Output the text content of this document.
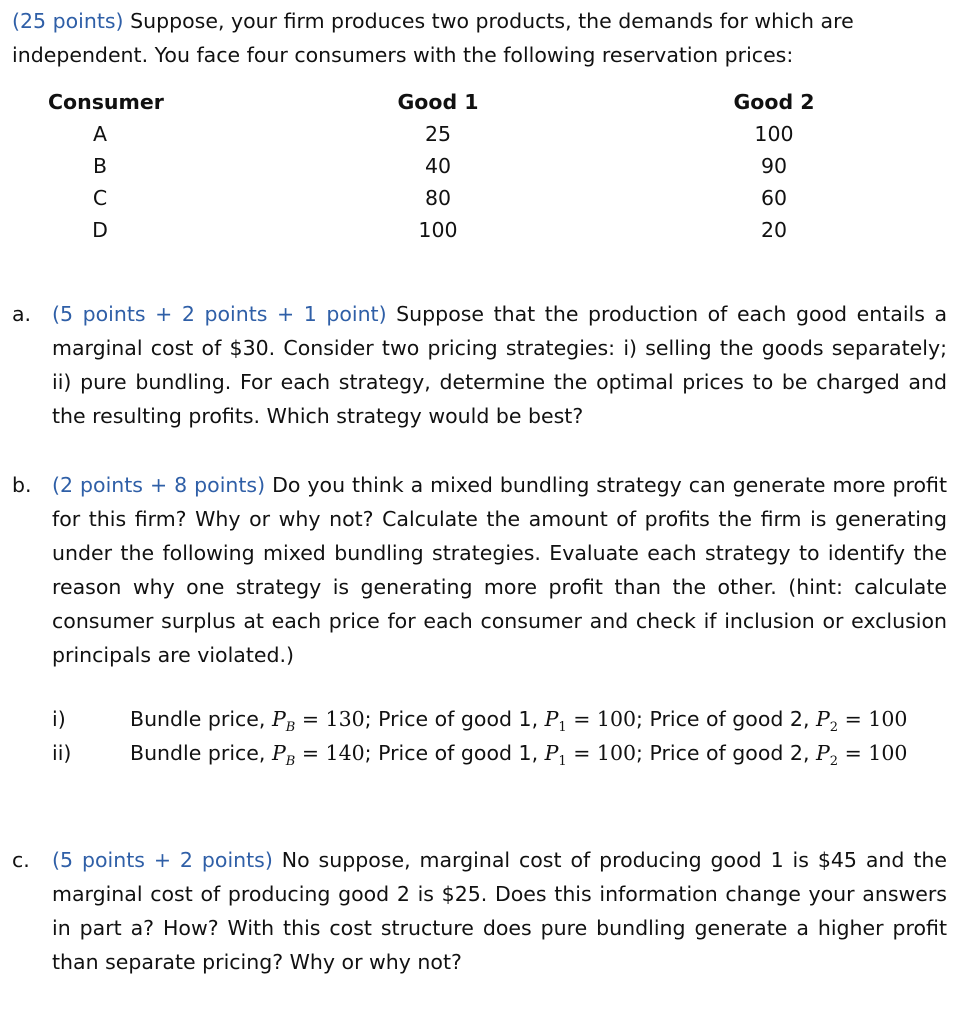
(25 points) Suppose, your firm produces two products, the demands for which are
independent. You face four consumers with the following reservation prices:
Consumer	Good 1	Good 2
A	25	100
B	40	90
C	80	60
D	100	20
a. (5 points + 2 points + 1 point) Suppose that the production of each good entails a marginal cost of $30. Consider two pricing strategies: i) selling the goods separately; ii) pure bundling. For each strategy, determine the optimal prices to be charged and the resulting profits. Which strategy would be best?
b. (2 points + 8 points) Do you think a mixed bundling strategy can generate more profit for this firm? Why or why not? Calculate the amount of profits the firm is generating under the following mixed bundling strategies. Evaluate each strategy to identify the reason why one strategy is generating more profit than the other. (hint: calculate consumer surplus at each price for each consumer and check if inclusion or exclusion principals are violated.)
i)	Bundle price, $P_B = 130$; Price of good 1, $P_1 = 100$; Price of good 2, $P_2 = 100$
ii)	Bundle price, $P_B = 140$; Price of good 1, $P_1 = 100$; Price of good 2, $P_2 = 100$
c. (5 points + 2 points) No suppose, marginal cost of producing good 1 is $45 and the marginal cost of producing good 2 is $25. Does this information change your answers in part a? How? With this cost structure does pure bundling generate a higher profit than separate pricing? Why or why not?
